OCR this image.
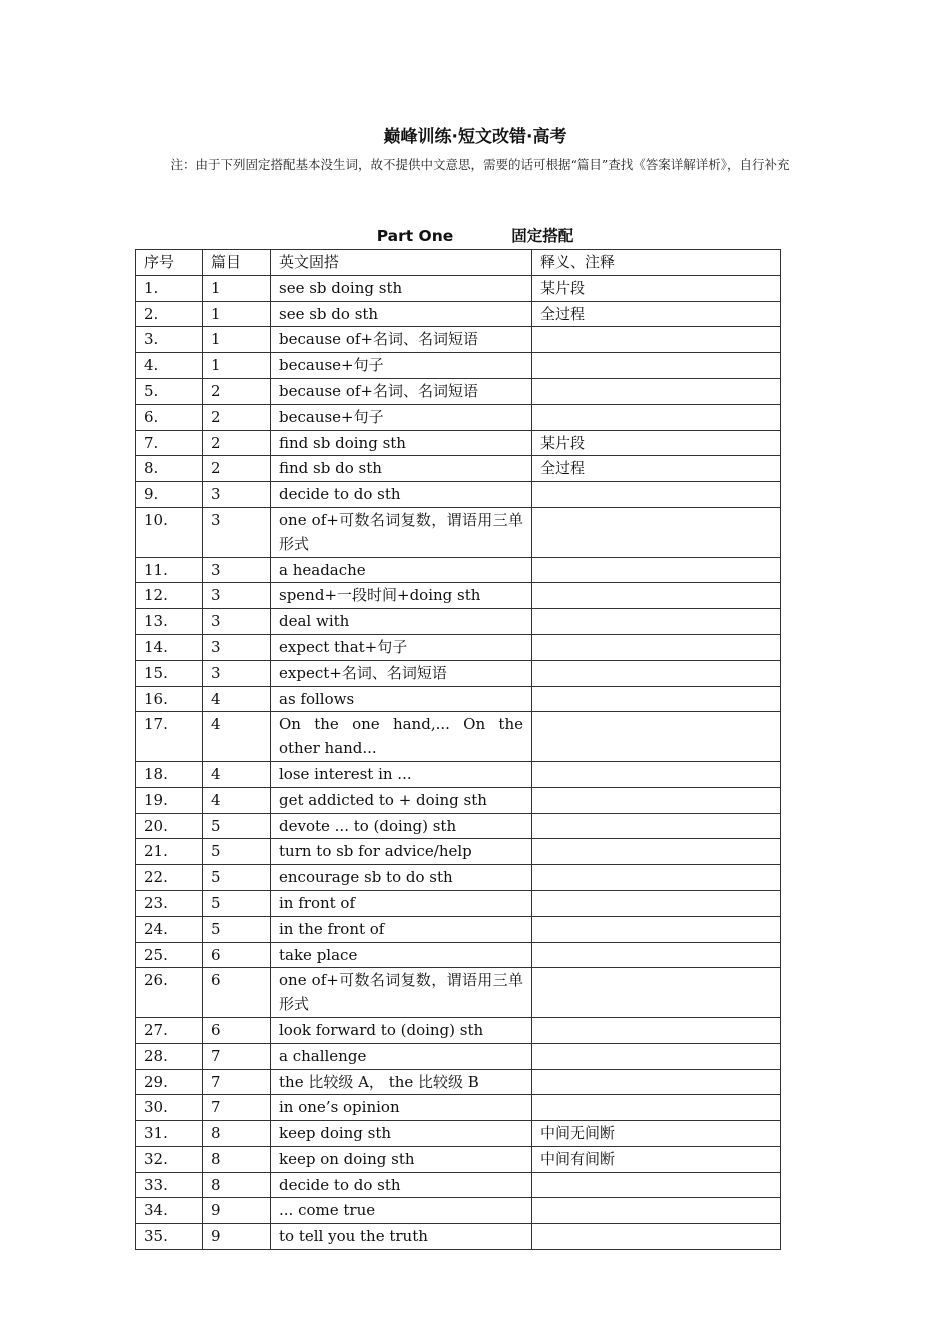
巅峰训练·短文改错·高考
注：由于下列固定搭配基本没生词，故不提供中文意思，需要的话可根据“篇目”查找《答案详解详析》，自行补充
Part One	固定搭配
序号	篇目	英文固搭	释义、注释
1.	1	see sb doing sth	某片段
2.	1	see sb do sth	全过程
3.	1	because of+名词、名词短语	
4.	1	because+句子	
5.	2	because of+名词、名词短语	
6.	2	because+句子	
7.	2	find sb doing sth	某片段
8.	2	find sb do sth	全过程
9.	3	decide to do sth	
10.	3	one of+可数名词复数，谓语用三单形式	
11.	3	a headache	
12.	3	spend+一段时间+doing sth	
13.	3	deal with	
14.	3	expect that+句子	
15.	3	expect+名词、名词短语	
16.	4	as follows	
17.	4	On the one hand,... On the other hand...	
18.	4	lose interest in ...	
19.	4	get addicted to + doing sth	
20.	5	devote ... to (doing) sth	
21.	5	turn to sb for advice/help	
22.	5	encourage sb to do sth	
23.	5	in front of	
24.	5	in the front of	
25.	6	take place	
26.	6	one of+可数名词复数，谓语用三单形式	
27.	6	look forward to (doing) sth	
28.	7	a challenge	
29.	7	the 比较级 A， the 比较级 B	
30.	7	in one’s opinion	
31.	8	keep doing sth	中间无间断
32.	8	keep on doing sth	中间有间断
33.	8	decide to do sth	
34.	9	... come true	
35.	9	to tell you the truth	
